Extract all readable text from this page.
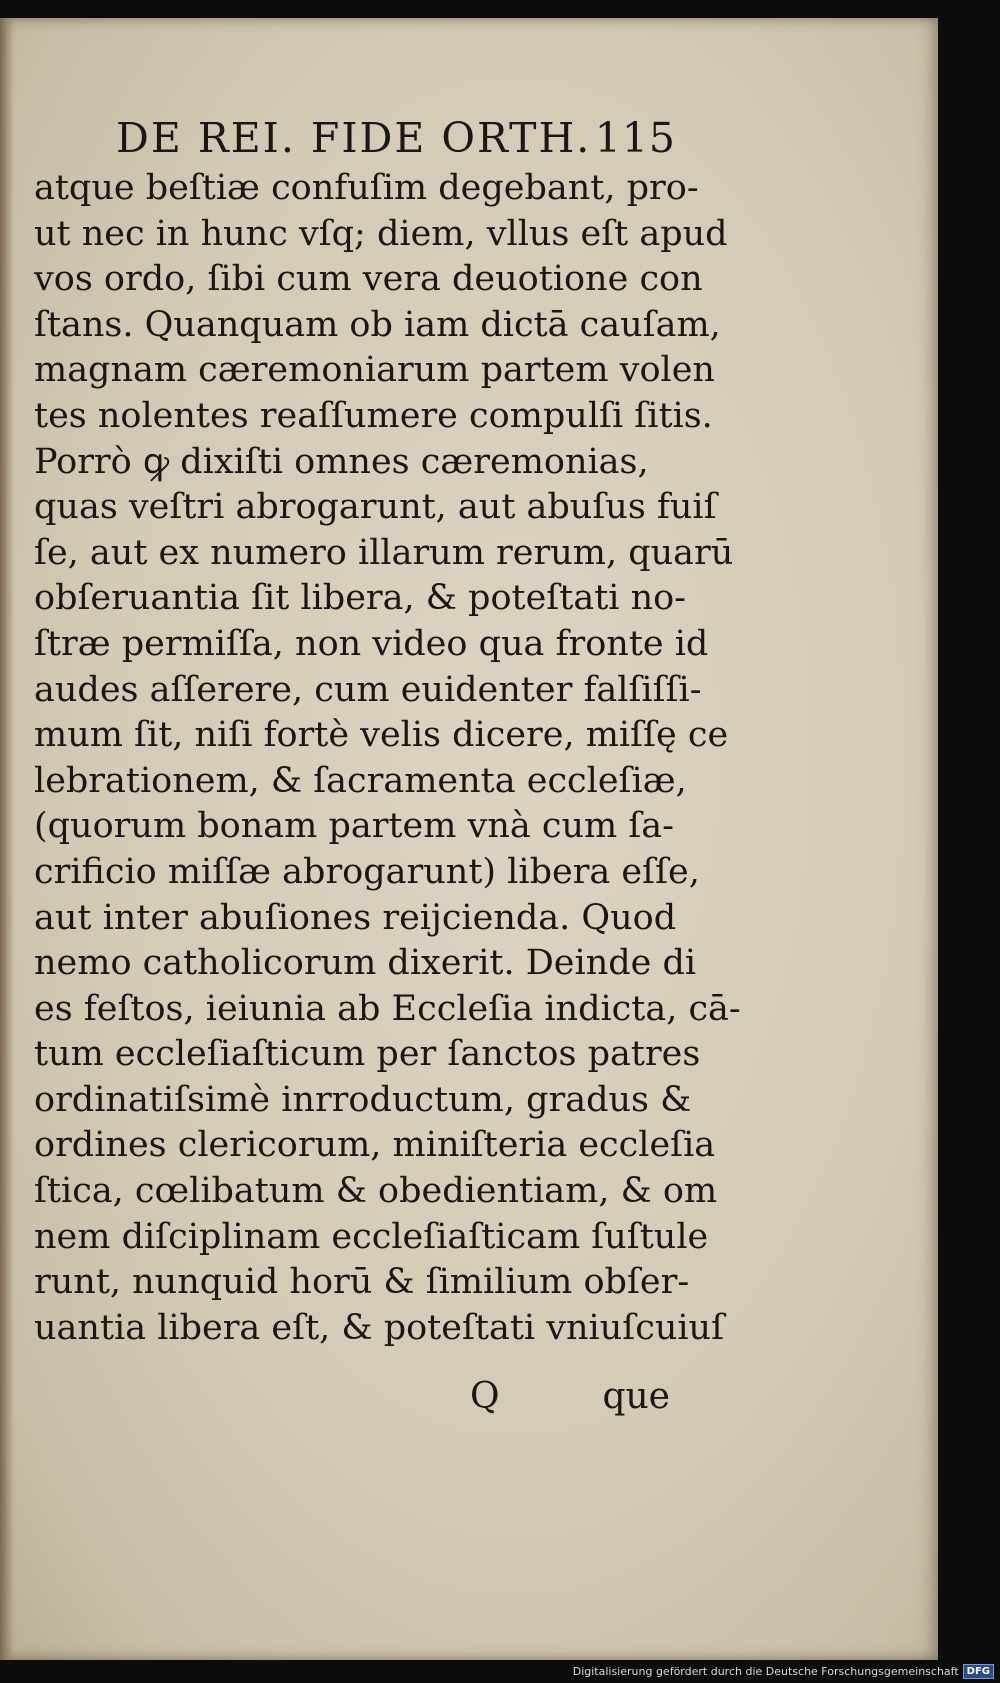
DE REI. FIDE ORTH. 115
atque beſtiæ confuſim degebant, pro-
ut nec in hunc vſq; diem, vllus eſt apud
vos ordo, ſibi cum vera deuotione con
ſtans. Quanquam ob iam dictā cauſam,
magnam cæremoniarum partem volen
tes nolentes reaſſumere compulſi ſitis.
Porrò ꝙ dixiſti omnes cæremonias,
quas veſtri abrogarunt, aut abuſus fuiſ
ſe, aut ex numero illarum rerum, quarū
obſeruantia ſit libera, & poteſtati no-
ſtræ permiſſa, non video qua fronte id
audes aſſerere, cum euidenter falſiſſi-
mum ſit, niſi fortè velis dicere, miſſę ce
lebrationem, & ſacramenta eccleſiæ,
(quorum bonam partem vnà cum ſa-
crificio miſſæ abrogarunt) libera eſſe,
aut inter abuſiones reijcienda. Quod
nemo catholicorum dixerit. Deinde di
es feſtos, ieiunia ab Eccleſia indicta, cā-
tum eccleſiaſticum per ſanctos patres
ordinatiſsimè inrroductum, gradus &
ordines clericorum, miniſteria eccleſia
ſtica, cœlibatum & obedientiam, & om
nem diſciplinam eccleſiaſticam ſuſtule
runt, nunquid horū & ſimilium obſer-
uantia libera eſt, & poteſtati vniuſcuiuſ
Q	que
Digitalisierung gefördert durch die Deutsche Forschungsgemeinschaft DFG
